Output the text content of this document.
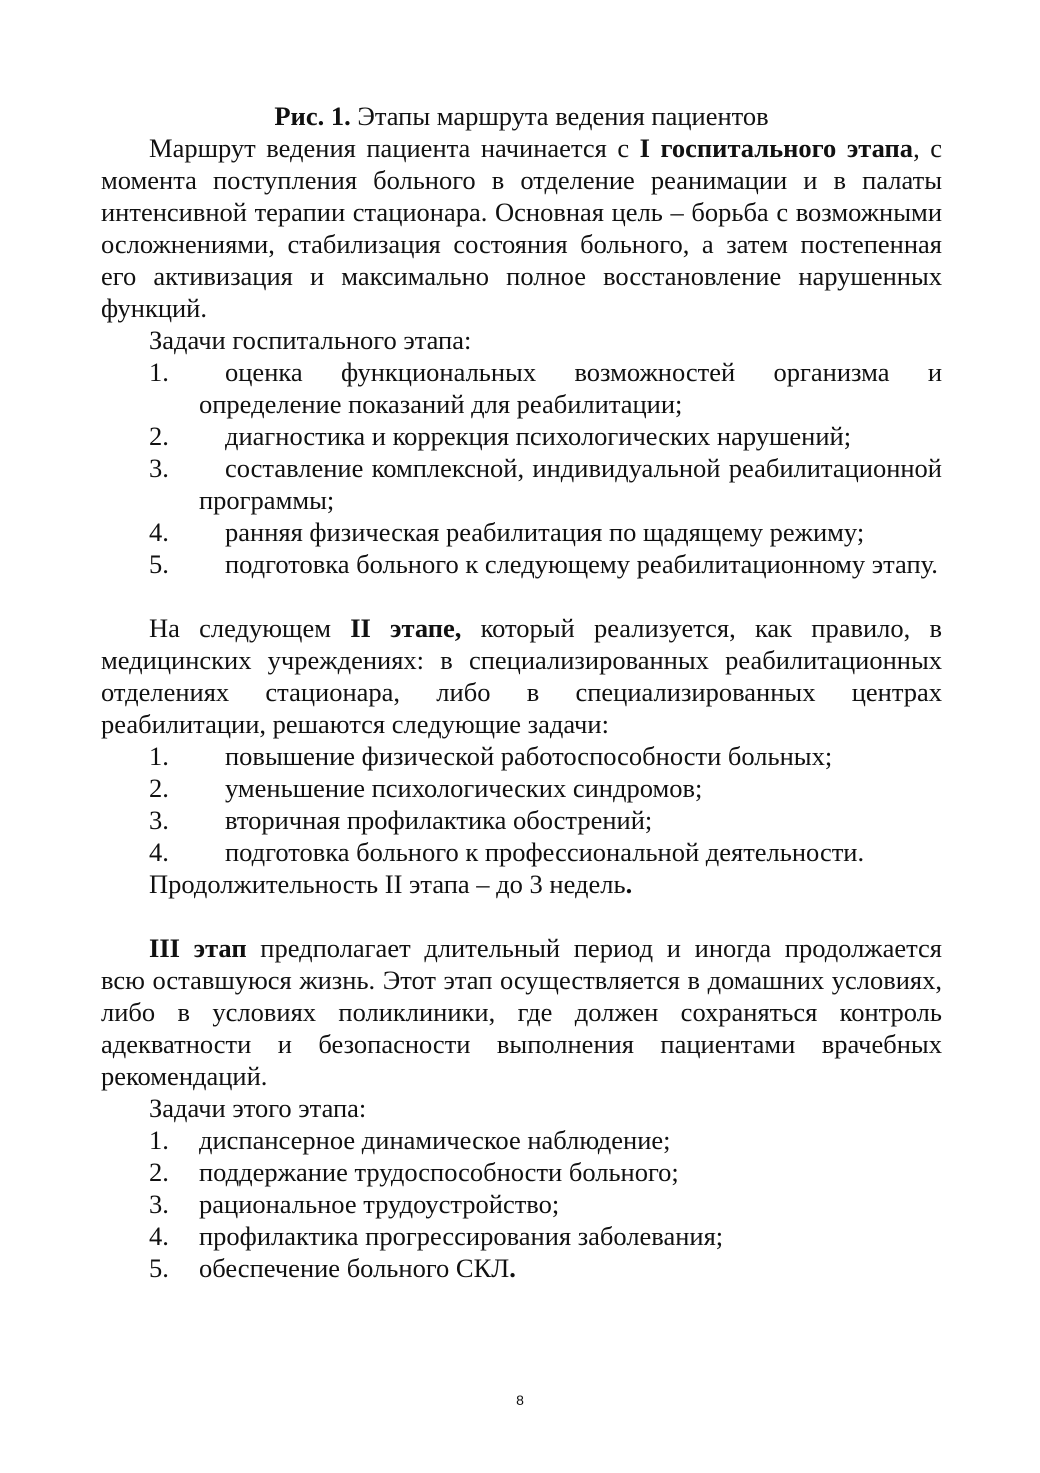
Рис. 1. Этапы маршрута ведения пациентов

Маршрут ведения пациента начинается с I госпитального этапа, с момента поступления больного в отделение реанимации и в палаты интенсивной терапии стационара. Основная цель – борьба с возможными осложнениями, стабилизация состояния больного, а затем постепенная его активизация и максимально полное восстановление нарушенных функций.

Задачи госпитального этапа:

1. оценка функциональных возможностей организма и определение показаний для реабилитации;
2. диагностика и коррекция психологических нарушений;
3. составление комплексной, индивидуальной реабилитационной программы;
4. ранняя физическая реабилитация по щадящему режиму;
5. подготовка больного к следующему реабилитационному этапу.

На следующем II этапе, который реализуется, как правило, в медицинских учреждениях: в специализированных реабилитационных отделениях стационара, либо в специализированных центрах реабилитации, решаются следующие задачи:

1. повышение физической работоспособности больных;
2. уменьшение психологических синдромов;
3. вторичная профилактика обострений;
4. подготовка больного к профессиональной деятельности.

Продолжительность II этапа – до 3 недель.

III этап предполагает длительный период и иногда продолжается всю оставшуюся жизнь. Этот этап осуществляется в домашних условиях, либо в условиях поликлиники, где должен сохраняться контроль адекватности и безопасности выполнения пациентами врачебных рекомендаций.

Задачи этого этапа:

1. диспансерное динамическое наблюдение;
2. поддержание трудоспособности больного;
3. рациональное трудоустройство;
4. профилактика прогрессирования заболевания;
5. обеспечение больного СКЛ.
8
